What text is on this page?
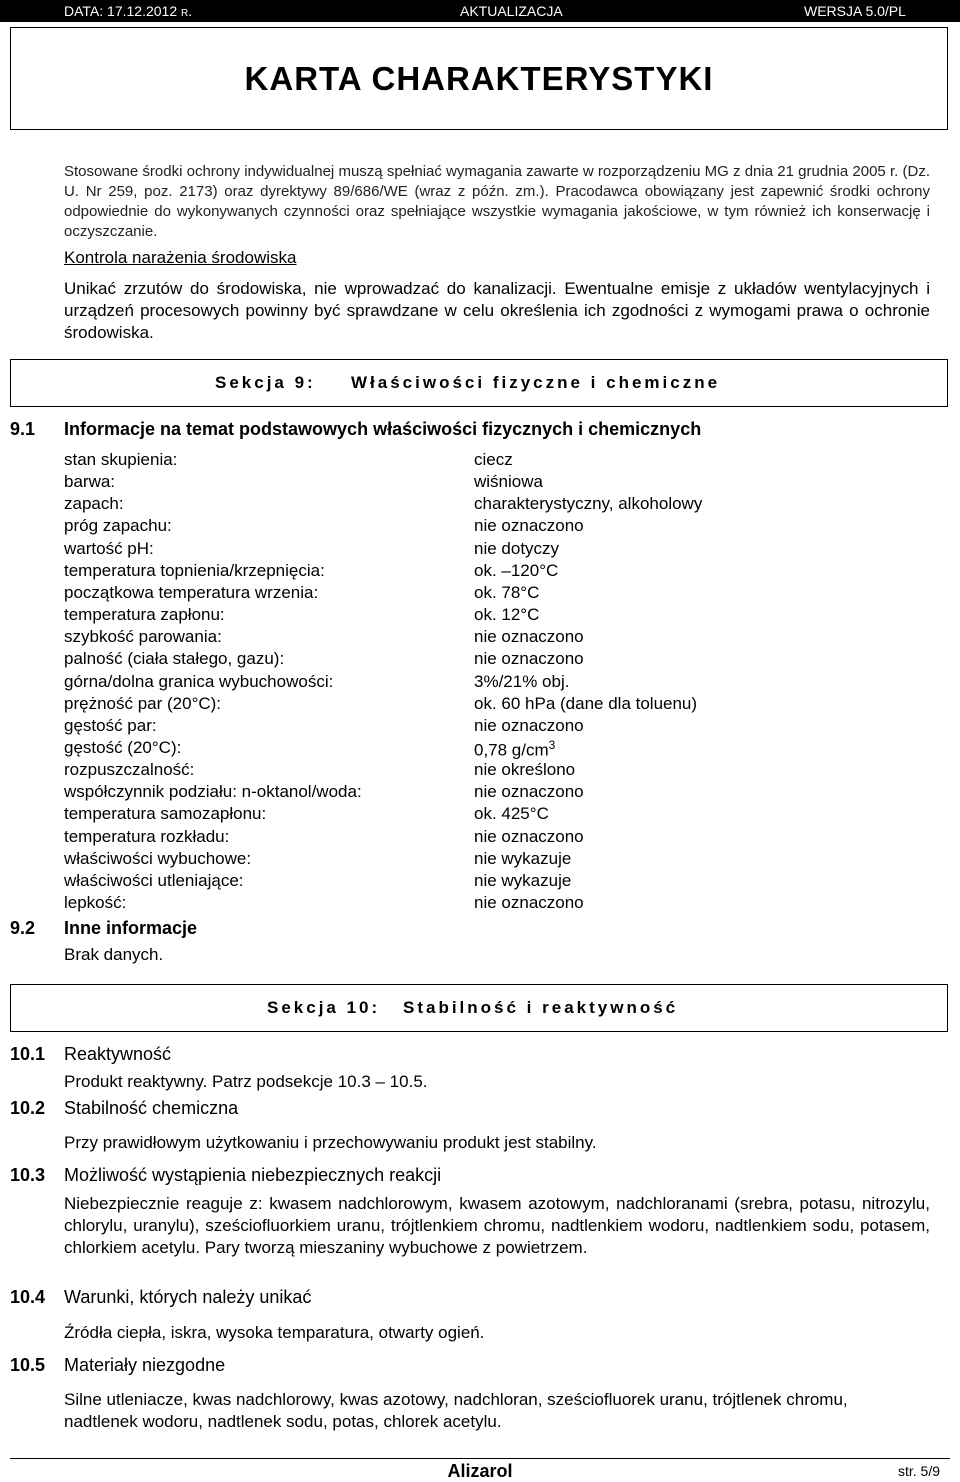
DATA: 17.12.2012 r.	AKTUALIZACJA	WERSJA 5.0/PL
KARTA CHARAKTERYSTYKI
Stosowane środki ochrony indywidualnej muszą spełniać wymagania zawarte w rozporządzeniu MG z dnia 21 grudnia 2005 r. (Dz. U. Nr 259, poz. 2173) oraz dyrektywy 89/686/WE (wraz z późn. zm.). Pracodawca obowiązany jest zapewnić środki ochrony odpowiednie do wykonywanych czynności oraz spełniające wszystkie wymagania jakościowe, w tym również ich konserwację i oczyszczanie.
Kontrola narażenia środowiska
Unikać zrzutów do środowiska, nie wprowadzać do kanalizacji. Ewentualne emisje z układów wentylacyjnych i urządzeń procesowych powinny być sprawdzane w celu określenia ich zgodności z wymogami prawa o ochronie środowiska.
Sekcja 9: Właściwości fizyczne i chemiczne
9.1 Informacje na temat podstawowych właściwości fizycznych i chemicznych
stan skupienia:	ciecz
barwa:	wiśniowa
zapach:	charakterystyczny, alkoholowy
próg zapachu:	nie oznaczono
wartość pH:	nie dotyczy
temperatura topnienia/krzepnięcia:	ok. –120°C
początkowa temperatura wrzenia:	ok. 78°C
temperatura zapłonu:	ok. 12°C
szybkość parowania:	nie oznaczono
palność (ciała stałego, gazu):	nie oznaczono
górna/dolna granica wybuchowości:	3%/21% obj.
prężność par (20°C):	ok. 60 hPa (dane dla toluenu)
gęstość par:	nie oznaczono
gęstość (20°C):	0,78 $g/cm^3$
rozpuszczalność:	nie określono
współczynnik podziału: n-oktanol/woda:	nie oznaczono
temperatura samozapłonu:	ok. 425°C
temperatura rozkładu:	nie oznaczono
właściwości wybuchowe:	nie wykazuje
właściwości utleniające:	nie wykazuje
lepkość:	nie oznaczono
9.2 Inne informacje
Brak danych.
Sekcja 10: Stabilność i reaktywność
10.1 Reaktywność
Produkt reaktywny. Patrz podsekcje 10.3 – 10.5.
10.2 Stabilność chemiczna
Przy prawidłowym użytkowaniu i przechowywaniu produkt jest stabilny.
10.3 Możliwość wystąpienia niebezpiecznych reakcji
Niebezpiecznie reaguje z: kwasem nadchlorowym, kwasem azotowym, nadchloranami (srebra, potasu, nitrozylu, chlorylu, uranylu), sześciofluorkiem uranu, trójtlenkiem chromu, nadtlenkiem wodoru, nadtlenkiem sodu, potasem, chlorkiem acetylu. Pary tworzą mieszaniny wybuchowe z powietrzem.
10.4 Warunki, których należy unikać
Źródła ciepła, iskra, wysoka temparatura, otwarty ogień.
10.5 Materiały niezgodne
Silne utleniacze, kwas nadchlorowy, kwas azotowy, nadchloran, sześciofluorek uranu, trójtlenek chromu, nadtlenek wodoru, nadtlenek sodu, potas, chlorek acetylu.
Alizarol	str. 5/9
